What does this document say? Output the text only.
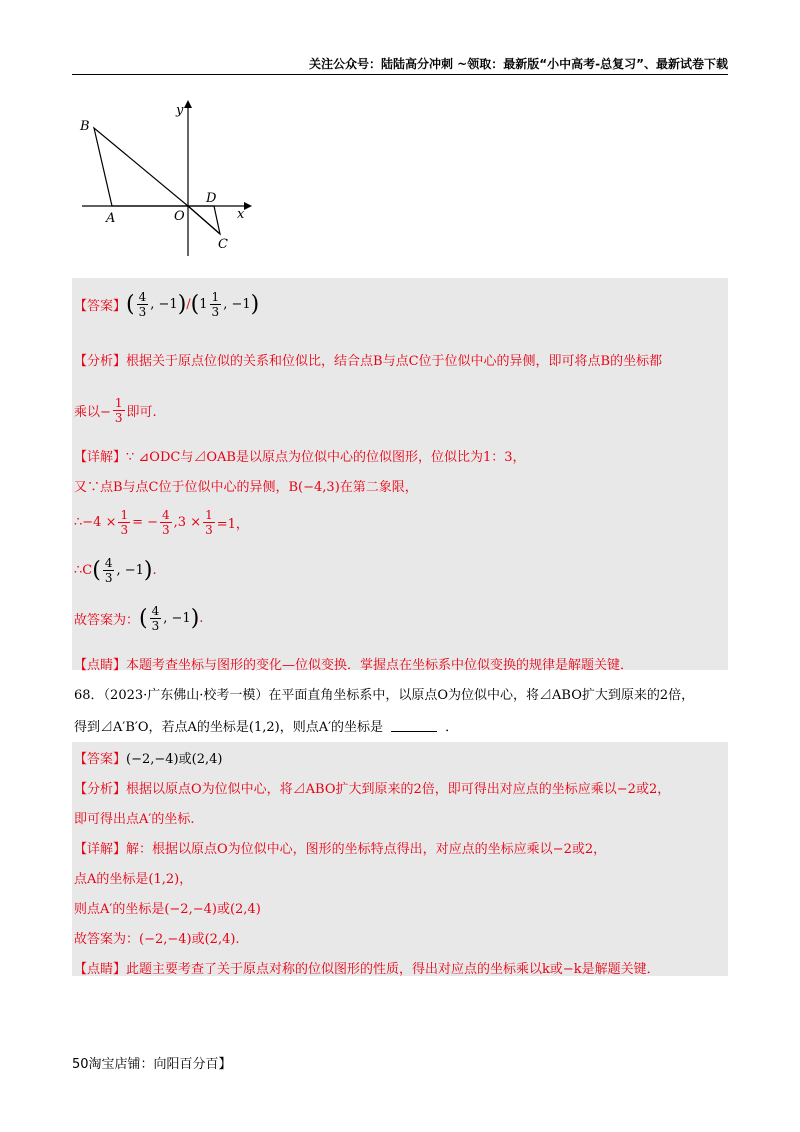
关注公众号：陆陆高分冲刺 ~领取：最新版“小中高考-总复习”、最新试卷下载
B
y
A	O
D
x
C
【答案】 ( $\frac{4}{3}$ , −1 ) / ( $1 \frac{1}{3}$ , −1 )
【分析】 根据关于原点位似的关系和位似比，结合点B与点C位于位似中心的异侧，即可将点B的坐标都
乘以− $\frac{1}{3}$ 即可.
【详解】 ∵ ⊿ODC与⊿OAB是以原点为位似中心的位似图形，位似比为1：3，
又∵点B与点C位于位似中心的异侧，B(−4,3)在第二象限，
∴−4 × $\frac{1}{3}$ = − $\frac{4}{3} ,3 \times \frac{1}{3} =1$，
∴C ( $\frac{4}{3}$ , −1 ) .
故答案为： ( $\frac{4}{3}$ , −1 ) .
【点睛】 本题考查坐标与图形的变化—位似变换．掌握点在坐标系中位似变换的规律是解题关键．
68．（2023·广东佛山·校考一模）在平面直角坐标系中，以原点O为位似中心，将⊿ABO扩大到原来的2倍，
得到⊿A′B′O，若点A的坐标是(1,2)，则点A′的坐标是	．
【答案】 (−2,−4)或(2,4)
【分析】 根据以原点O为位似中心，将⊿ABO扩大到原来的2倍，即可得出对应点的坐标应乘以−2或2，
即可得出点A′的坐标.
【详解】 解：根据以原点O为位似中心，图形的坐标特点得出，对应点的坐标应乘以−2或2，
点A的坐标是(1,2)，
则点A′的坐标是(−2,−4)或(2,4)
故答案为：(−2,−4)或(2,4).
【点睛】 此题主要考查了关于原点对称的位似图形的性质，得出对应点的坐标乘以k或−k是解题关键．
50淘宝店铺：向阳百分百】
